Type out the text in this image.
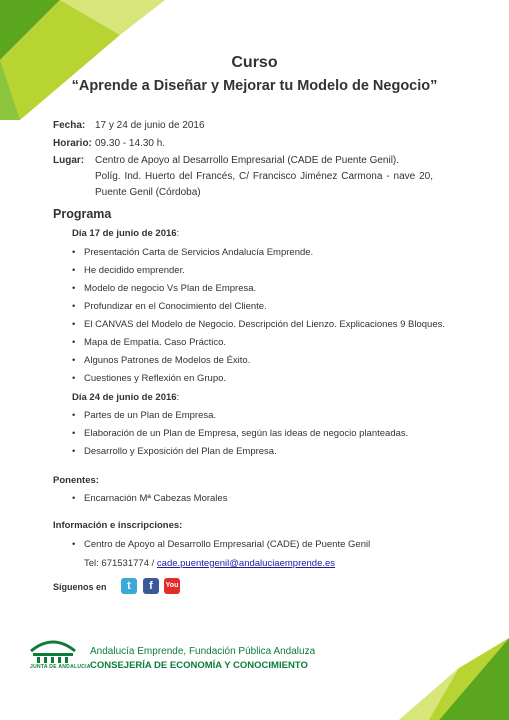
Curso
“Aprende a Diseñar y Mejorar tu Modelo de Negocio”
Fecha: 17 y 24 de junio de 2016
Horario: 09.30 - 14.30 h.
Lugar: Centro de Apoyo al Desarrollo Empresarial (CADE de Puente Genil).
Políg. Ind. Huerto del Francés, C/ Francisco Jiménez Carmona - nave 20, Puente Genil (Córdoba)
Programa
Día 17 de junio de 2016:
• Presentación Carta de Servicios Andalucía Emprende.
• He decidido emprender.
• Modelo de negocio Vs Plan de Empresa.
• Profundizar en el Conocimiento del Cliente.
• El CANVAS del Modelo de Negocio. Descripción del Lienzo. Explicaciones 9 Bloques.
• Mapa de Empatía. Caso Práctico.
• Algunos Patrones de Modelos de Éxito.
• Cuestiones y Reflexión en Grupo.
Día 24 de junio de 2016:
• Partes de un Plan de Empresa.
• Elaboración de un Plan de Empresa, según las ideas de negocio planteadas.
• Desarrollo y Exposición del Plan de Empresa.
Ponentes:
• Encarnación Mª Cabezas Morales
Información e inscripciones:
• Centro de Apoyo al Desarrollo Empresarial (CADE) de Puente Genil
Tel: 671531774 / cade.puentegenil@andaluciaemprende.es
Síguenos en	t	f	You
JUNTA DE ANDALUCIA
Andalucía Emprende, Fundación Pública Andaluza
CONSEJERÍA DE ECONOMÍA Y CONOCIMIENTO
